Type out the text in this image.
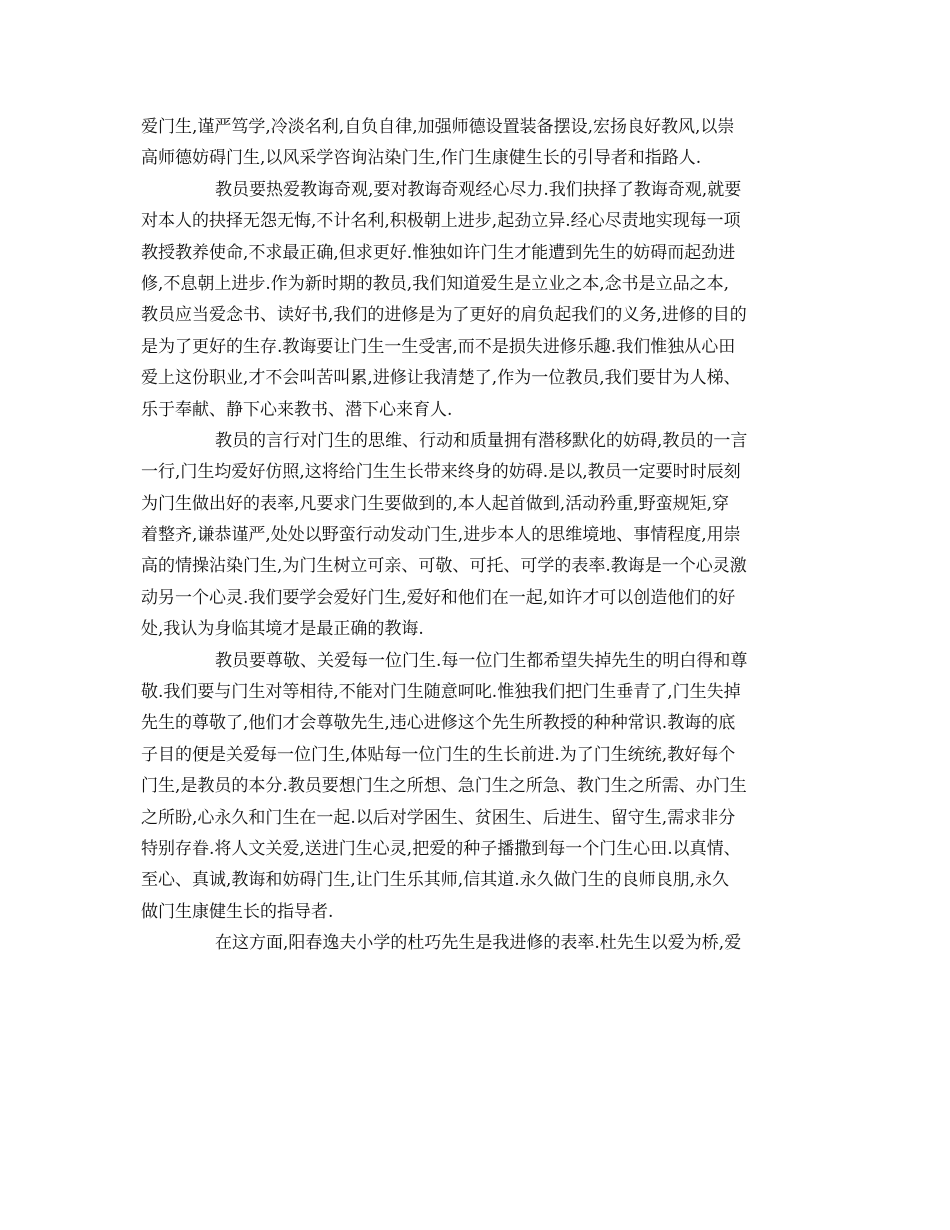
爱门生,谨严笃学,冷淡名利,自负自律,加强师德设置装备摆设,宏扬良好教风,以崇
高师德妨碍门生,以风采学咨询沾染门生,作门生康健生长的引导者和指路人.
教员要热爱教诲奇观,要对教诲奇观经心尽力.我们抉择了教诲奇观,就要
对本人的抉择无怨无悔,不计名利,积极朝上进步,起劲立异.经心尽责地实现每一项
教授教养使命,不求最正确,但求更好.惟独如许门生才能遭到先生的妨碍而起劲进
修,不息朝上进步.作为新时期的教员,我们知道爱生是立业之本,念书是立品之本,
教员应当爱念书、读好书,我们的进修是为了更好的肩负起我们的义务,进修的目的
是为了更好的生存.教诲要让门生一生受害,而不是损失进修乐趣.我们惟独从心田
爱上这份职业,才不会叫苦叫累,进修让我清楚了,作为一位教员,我们要甘为人梯、
乐于奉献、静下心来教书、潜下心来育人.
教员的言行对门生的思维、行动和质量拥有潜移默化的妨碍,教员的一言
一行,门生均爱好仿照,这将给门生生长带来终身的妨碍.是以,教员一定要时时辰刻
为门生做出好的表率,凡要求门生要做到的,本人起首做到,活动矜重,野蛮规矩,穿
着整齐,谦恭谨严,处处以野蛮行动发动门生,进步本人的思维境地、事情程度,用崇
高的情操沾染门生,为门生树立可亲、可敬、可托、可学的表率.教诲是一个心灵激
动另一个心灵.我们要学会爱好门生,爱好和他们在一起,如许才可以创造他们的好
处,我认为身临其境才是最正确的教诲.
教员要尊敬、关爱每一位门生.每一位门生都希望失掉先生的明白得和尊
敬.我们要与门生对等相待,不能对门生随意呵叱.惟独我们把门生垂青了,门生失掉
先生的尊敬了,他们才会尊敬先生,违心进修这个先生所教授的种种常识.教诲的底
子目的便是关爱每一位门生,体贴每一位门生的生长前进.为了门生统统,教好每个
门生,是教员的本分.教员要想门生之所想、急门生之所急、教门生之所需、办门生
之所盼,心永久和门生在一起.以后对学困生、贫困生、后进生、留守生,需求非分
特别存眷.将人文关爱,送进门生心灵,把爱的种子播撒到每一个门生心田.以真情、
至心、真诚,教诲和妨碍门生,让门生乐其师,信其道.永久做门生的良师良朋,永久
做门生康健生长的指导者.
在这方面,阳春逸夫小学的杜巧先生是我进修的表率.杜先生以爱为桥,爱
